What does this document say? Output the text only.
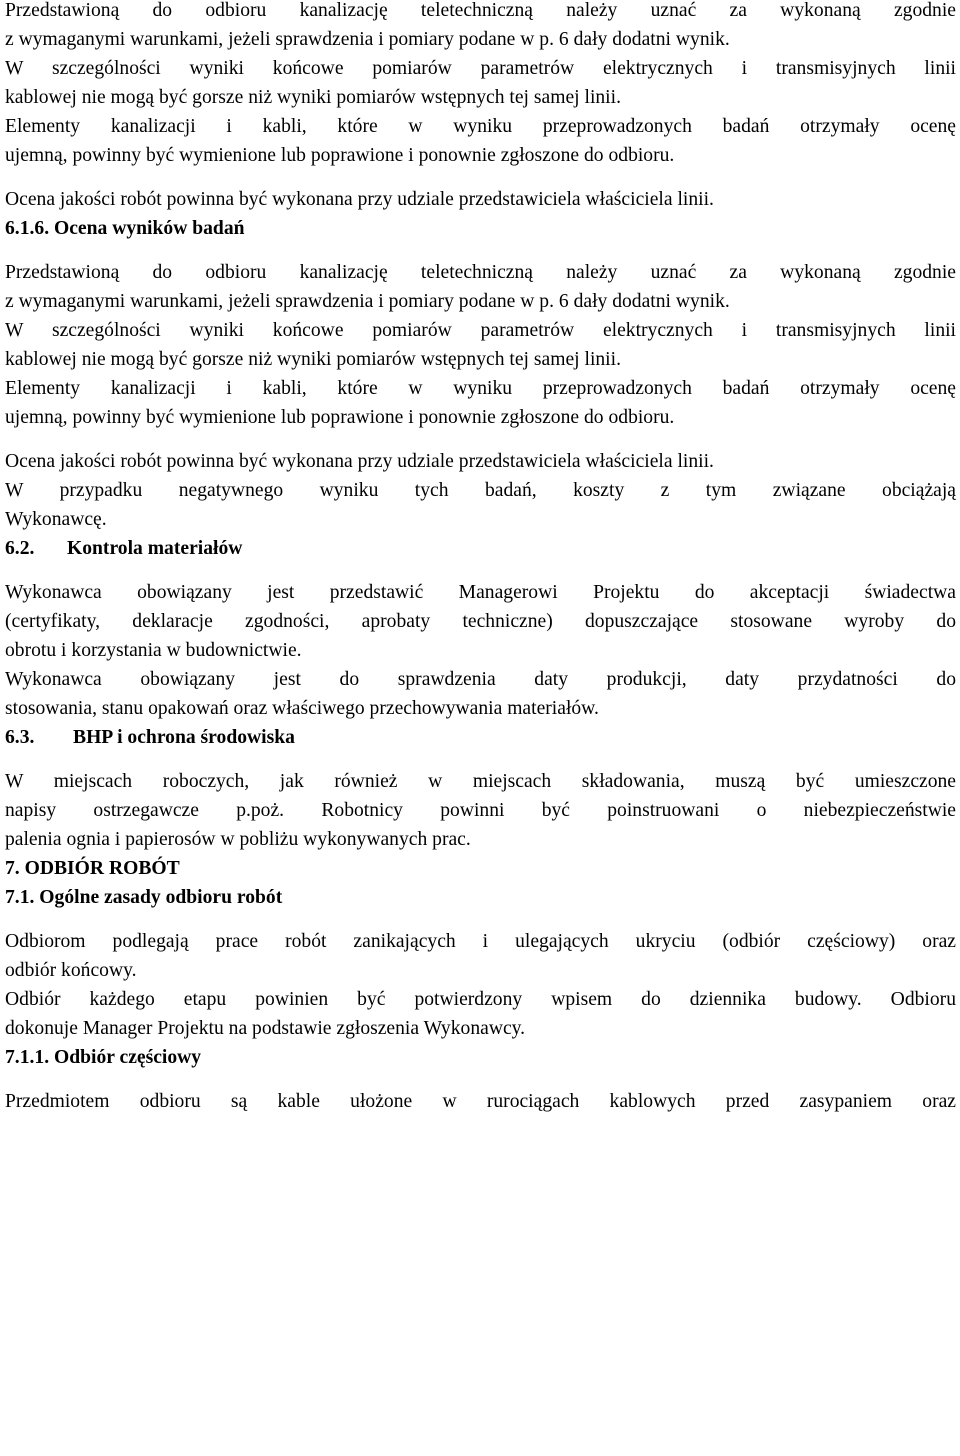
Przedstawioną do odbioru kanalizację teletechniczną należy uznać za wykonaną zgodnie
z wymaganymi warunkami, jeżeli sprawdzenia i pomiary podane w p. 6 dały dodatni wynik.
W szczególności wyniki końcowe pomiarów parametrów elektrycznych i transmisyjnych linii
kablowej nie mogą być gorsze niż wyniki pomiarów wstępnych tej samej linii.
Elementy kanalizacji i kabli, które w wyniku przeprowadzonych badań otrzymały ocenę
ujemną, powinny być wymienione lub poprawione i ponownie zgłoszone do odbioru.
Ocena jakości robót powinna być wykonana przy udziale przedstawiciela właściciela linii.
6.1.6. Ocena wyników badań
Przedstawioną do odbioru kanalizację teletechniczną należy uznać za wykonaną zgodnie
z wymaganymi warunkami, jeżeli sprawdzenia i pomiary podane w p. 6 dały dodatni wynik.
W szczególności wyniki końcowe pomiarów parametrów elektrycznych i transmisyjnych linii
kablowej nie mogą być gorsze niż wyniki pomiarów wstępnych tej samej linii.
Elementy kanalizacji i kabli, które w wyniku przeprowadzonych badań otrzymały ocenę
ujemną, powinny być wymienione lub poprawione i ponownie zgłoszone do odbioru.
Ocena jakości robót powinna być wykonana przy udziale przedstawiciela właściciela linii.
W przypadku negatywnego wyniku tych badań, koszty z tym związane obciążają
Wykonawcę.
6.2. Kontrola materiałów
Wykonawca obowiązany jest przedstawić Managerowi Projektu do akceptacji świadectwa
(certyfikaty, deklaracje zgodności, aprobaty techniczne) dopuszczające stosowane wyroby do
obrotu i korzystania w budownictwie.
Wykonawca obowiązany jest do sprawdzenia daty produkcji, daty przydatności do
stosowania, stanu opakowań oraz właściwego przechowywania materiałów.
6.3. BHP i ochrona środowiska
W miejscach roboczych, jak również w miejscach składowania, muszą być umieszczone
napisy ostrzegawcze p.poż. Robotnicy powinni być poinstruowani o niebezpieczeństwie
palenia ognia i papierosów w pobliżu wykonywanych prac.
7. ODBIÓR ROBÓT
7.1. Ogólne zasady odbioru robót
Odbiorom podlegają prace robót zanikających i ulegających ukryciu (odbiór częściowy) oraz
odbiór końcowy.
Odbiór każdego etapu powinien być potwierdzony wpisem do dziennika budowy. Odbioru
dokonuje Manager Projektu na podstawie zgłoszenia Wykonawcy.
7.1.1. Odbiór częściowy
Przedmiotem odbioru są kable ułożone w rurociągach kablowych przed zasypaniem oraz
